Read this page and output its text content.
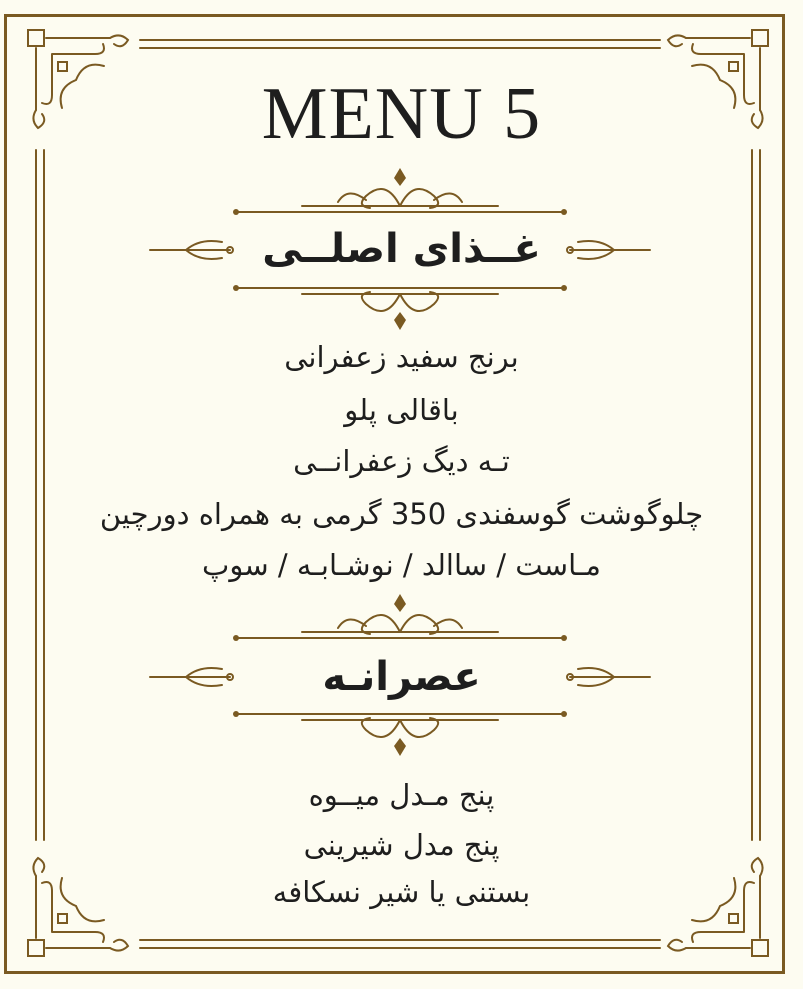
MENU 5
غــذای اصلــی
برنج سفید زعفرانی
باقالی پلو
تـه دیگ زعفرانــی
چلوگوشت گوسفندی 350 گرمی به همراه دورچین
مـاست / ساالد / نوشـابـه / سوپ
عصرانـه
پنج مـدل میــوه
پنج مدل شیرینی
بستنی یا شیر نسکافه
